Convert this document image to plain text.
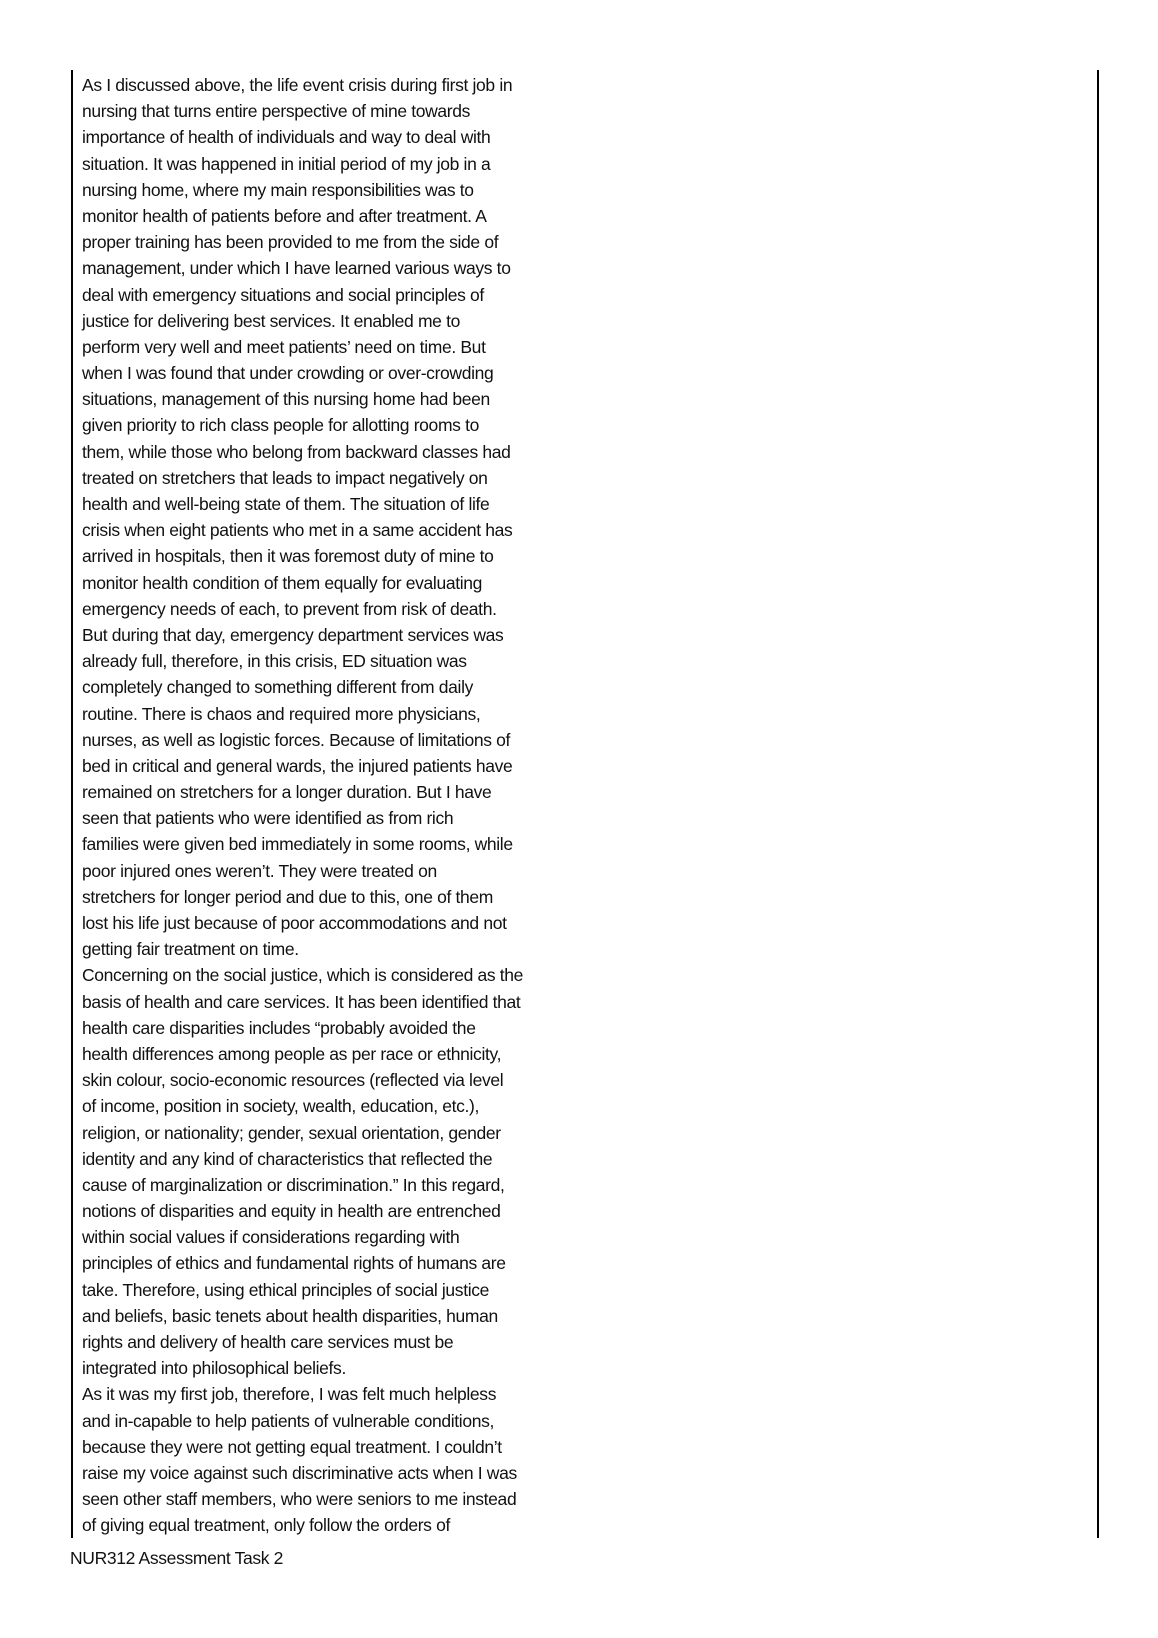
As I discussed above, the life event crisis during first job in
nursing that turns entire perspective of mine towards
importance of health of individuals and way to deal with
situation. It was happened in initial period of my job in a
nursing home, where my main responsibilities was to
monitor health of patients before and after treatment. A
proper training has been provided to me from the side of
management, under which I have learned various ways to
deal with emergency situations and social principles of
justice for delivering best services. It enabled me to
perform very well and meet patients’ need on time. But
when I was found that under crowding or over-crowding
situations, management of this nursing home had been
given priority to rich class people for allotting rooms to
them, while those who belong from backward classes had
treated on stretchers that leads to impact negatively on
health and well-being state of them. The situation of life
crisis when eight patients who met in a same accident has
arrived in hospitals, then it was foremost duty of mine to
monitor health condition of them equally for evaluating
emergency needs of each, to prevent from risk of death.
But during that day, emergency department services was
already full, therefore, in this crisis, ED situation was
completely changed to something different from daily
routine. There is chaos and required more physicians,
nurses, as well as logistic forces. Because of limitations of
bed in critical and general wards, the injured patients have
remained on stretchers for a longer duration. But I have
seen that patients who were identified as from rich
families were given bed immediately in some rooms, while
poor injured ones weren’t. They were treated on
stretchers for longer period and due to this, one of them
lost his life just because of poor accommodations and not
getting fair treatment on time.
Concerning on the social justice, which is considered as the
basis of health and care services. It has been identified that
health care disparities includes “probably avoided the
health differences among people as per race or ethnicity,
skin colour, socio-economic resources (reflected via level
of income, position in society, wealth, education, etc.),
religion, or nationality; gender, sexual orientation, gender
identity and any kind of characteristics that reflected the
cause of marginalization or discrimination.” In this regard,
notions of disparities and equity in health are entrenched
within social values if considerations regarding with
principles of ethics and fundamental rights of humans are
take. Therefore, using ethical principles of social justice
and beliefs, basic tenets about health disparities, human
rights and delivery of health care services must be
integrated into philosophical beliefs.
As it was my first job, therefore, I was felt much helpless
and in-capable to help patients of vulnerable conditions,
because they were not getting equal treatment. I couldn’t
raise my voice against such discriminative acts when I was
seen other staff members, who were seniors to me instead
of giving equal treatment, only follow the orders of
NUR312 Assessment Task 2
